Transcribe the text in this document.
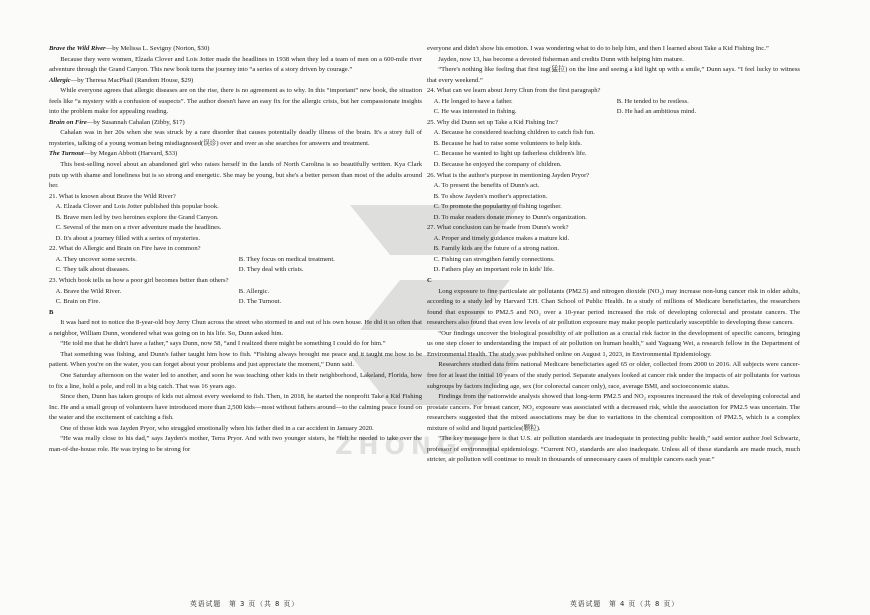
ZHONGYI

Brave the Wild River—by Melissa L. Sevigny (Norton, $30)

Because they were women, Elzada Clover and Lois Jotter made the headlines in 1938 when they led a team of men on a 600-mile river adventure through the Grand Canyon. This new book turns the journey into “a series of a story driven by courage.”

Allergic—by Theresa MacPhail (Random House, $29)

While everyone agrees that allergic diseases are on the rise, there is no agreement as to why. In this “important” new book, the situation feels like “a mystery with a confusion of suspects”. The author doesn't have an easy fix for the allergic crisis, but her compassionate insights into the problem make for appealing reading.

Brain on Fire—by Susannah Cahalan (Zibby, $17)

Cahalan was in her 20s when she was struck by a rare disorder that causes potentially deadly illness of the brain. It's a story full of mysteries, talking of a young woman being misdiagnosed(误诊) over and over as she searches for answers and treatment.

The Turnout—by Megan Abbott (Harvard, $33)

This best-selling novel about an abandoned girl who raises herself in the lands of North Carolina is so beautifully written. Kya Clark puts up with shame and loneliness but is so strong and energetic. She may be young, but she's a better person than most of the adults around her.

21. What is known about Brave the Wild River?

A. Elzada Clover and Lois Jotter published this popular book.

B. Brave men led by two heroines explore the Grand Canyon.

C. Several of the men on a river adventure made the headlines.

D. It's about a journey filled with a series of mysteries.

22. What do Allergic and Brain on Fire have in common?

A. They uncover some secrets.	B. They focus on medical treatment.
C. They talk about diseases.	D. They deal with crisis.

23. Which book tells us how a poor girl becomes better than others?

A. Brave the Wild River.	B. Allergic.
C. Brain on Fire.	D. The Turnout.

B

It was hard not to notice the 8-year-old boy Jerry Chun across the street who stormed in and out of his own house. He did it so often that a neighbor, William Dunn, wondered what was going on in his life. So, Dunn asked him.

“He told me that he didn't have a father,” says Dunn, now 58, “and I realized there might be something I could do for him.”

That something was fishing, and Dunn's father taught him how to fish. “Fishing always brought me peace and it taught me how to be patient. When you're on the water, you can forget about your problems and just appreciate the moment,” Dunn said.

One Saturday afternoon on the water led to another, and soon he was teaching other kids in their neighborhood, Lakeland, Florida, how to fix a line, hold a pole, and roll in a big catch. That was 16 years ago.

Since then, Dunn has taken groups of kids out almost every weekend to fish. Then, in 2018, he started the nonprofit Take a Kid Fishing Inc. He and a small group of volunteers have introduced more than 2,500 kids—most without fathers around—to the calming peace found on the water and the excitement of catching a fish.

One of those kids was Jayden Pryor, who struggled emotionally when his father died in a car accident in January 2020.

“He was really close to his dad,” says Jayden's mother, Terra Pryor. And with two younger sisters, he “felt he needed to take over the man-of-the-house role. He was trying to be strong for

everyone and didn't show his emotion. I was wondering what to do to help him, and then I learned about Take a Kid Fishing Inc.”

Jayden, now 13, has become a devoted fisherman and credits Dunn with helping him mature.

“There's nothing like feeling that first tug(猛拉) on the line and seeing a kid light up with a smile,” Dunn says. “I feel lucky to witness that every weekend.”

24. What can we learn about Jerry Chun from the first paragraph?

A. He longed to have a father.	B. He tended to be restless.
C. He was interested in fishing.	D. He had an ambitious mind.

25. Why did Dunn set up Take a Kid Fishing Inc?

A. Because he considered teaching children to catch fish fun.

B. Because he had to raise some volunteers to help kids.

C. Because he wanted to light up fatherless children's life.

D. Because he enjoyed the company of children.

26. What is the author's purpose in mentioning Jayden Pryor?

A. To present the benefits of Dunn's act.

B. To show Jayden's mother's appreciation.

C. To promote the popularity of fishing together.

D. To make readers donate money to Dunn's organization.

27. What conclusion can be made from Dunn's work?

A. Proper and timely guidance makes a mature kid.

B. Family kids are the future of a strong nation.

C. Fishing can strengthen family connections.

D. Fathers play an important role in kids' life.

C

Long exposure to fine particulate air pollutants (PM2.5) and nitrogen dioxide (NO₂) may increase non-lung cancer risk in older adults, according to a study led by Harvard T.H. Chan School of Public Health. In a study of millions of Medicare beneficiaries, the researchers found that exposures to PM2.5 and NO₂ over a 10-year period increased the risk of developing colorectal and prostate cancers. The researchers also found that even low levels of air pollution exposure may make people particularly susceptible to developing these cancers.

“Our findings uncover the biological possibility of air pollution as a crucial risk factor in the development of specific cancers, bringing us one step closer to understanding the impact of air pollution on human health,” said Yaguang Wei, a research fellow in the Department of Environmental Health. The study was published online on August 1, 2023, in Environmental Epidemiology.

Researchers studied data from national Medicare beneficiaries aged 65 or older, collected from 2000 to 2016. All subjects were cancer-free for at least the initial 10 years of the study period. Separate analyses looked at cancer risk under the impacts of air pollutants for various subgroups by factors including age, sex (for colorectal cancer only), race, average BMI, and socioeconomic status.

Findings from the nationwide analysis showed that long-term PM2.5 and NO₂ exposures increased the risk of developing colorectal and prostate cancers. For breast cancer, NO₂ exposure was associated with a decreased risk, while the association for PM2.5 was uncertain. The researchers suggested that the mixed associations may be due to variations in the chemical composition of PM2.5, which is a complex mixture of solid and liquid particles(颗粒).

“The key message here is that U.S. air pollution standards are inadequate in protecting public health,” said senior author Joel Schwartz, professor of environmental epidemiology. “Current NO₂ standards are also inadequate. Unless all of these standards are made much, much stricter, air pollution will continue to result in thousands of unnecessary cases of multiple cancers each year.”

英语试题　第 3 页（共 8 页）	英语试题　第 4 页（共 8 页）
